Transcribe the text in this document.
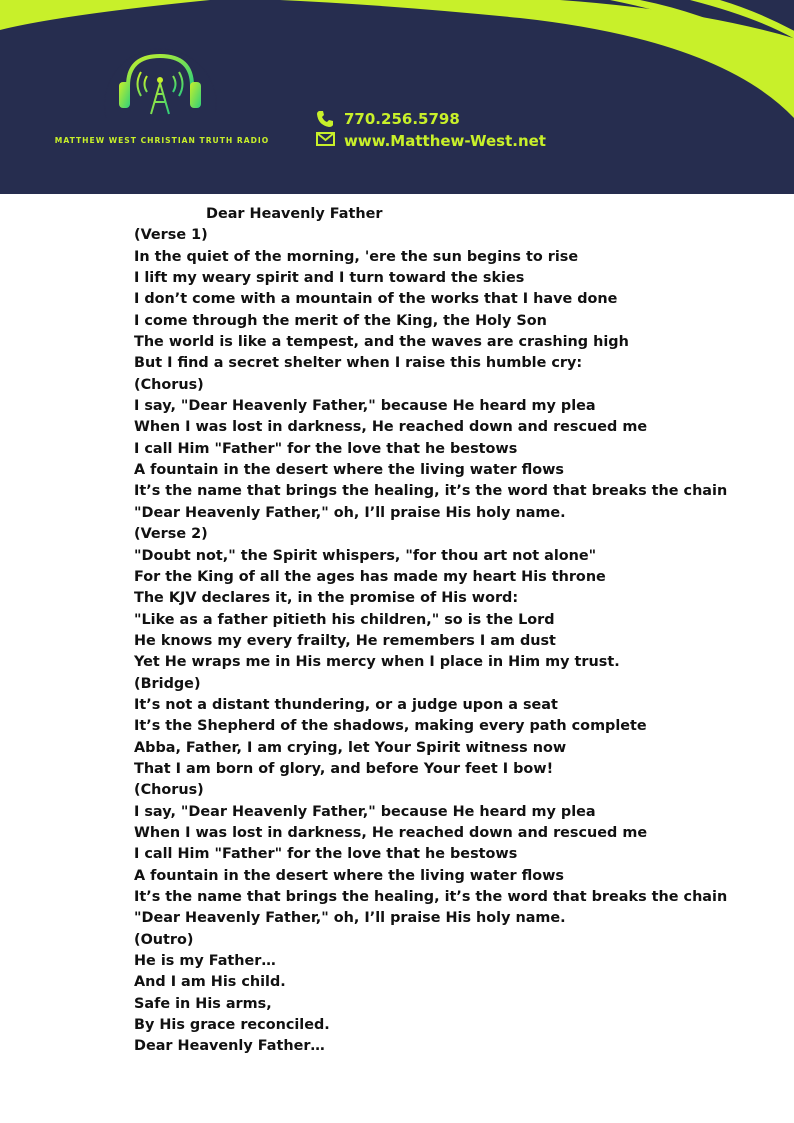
MATTHEW WEST CHRISTIAN TRUTH RADIO
770.256.5798
www.Matthew-West.net
Dear Heavenly Father
(Verse 1)
In the quiet of the morning, 'ere the sun begins to rise
I lift my weary spirit and I turn toward the skies
I don’t come with a mountain of the works that I have done
I come through the merit of the King, the Holy Son
The world is like a tempest, and the waves are crashing high
But I find a secret shelter when I raise this humble cry:
(Chorus)
I say, "Dear Heavenly Father," because He heard my plea
When I was lost in darkness, He reached down and rescued me
I call Him "Father" for the love that he bestows
A fountain in the desert where the living water flows
It’s the name that brings the healing, it’s the word that breaks the chain
"Dear Heavenly Father," oh, I’ll praise His holy name.
(Verse 2)
"Doubt not," the Spirit whispers, "for thou art not alone"
For the King of all the ages has made my heart His throne
The KJV declares it, in the promise of His word:
"Like as a father pitieth his children," so is the Lord
He knows my every frailty, He remembers I am dust
Yet He wraps me in His mercy when I place in Him my trust.
(Bridge)
It’s not a distant thundering, or a judge upon a seat
It’s the Shepherd of the shadows, making every path complete
Abba, Father, I am crying, let Your Spirit witness now
That I am born of glory, and before Your feet I bow!
(Chorus)
I say, "Dear Heavenly Father," because He heard my plea
When I was lost in darkness, He reached down and rescued me
I call Him "Father" for the love that he bestows
A fountain in the desert where the living water flows
It’s the name that brings the healing, it’s the word that breaks the chain
"Dear Heavenly Father," oh, I’ll praise His holy name.
(Outro)
He is my Father…
And I am His child.
Safe in His arms,
By His grace reconciled.
Dear Heavenly Father…
